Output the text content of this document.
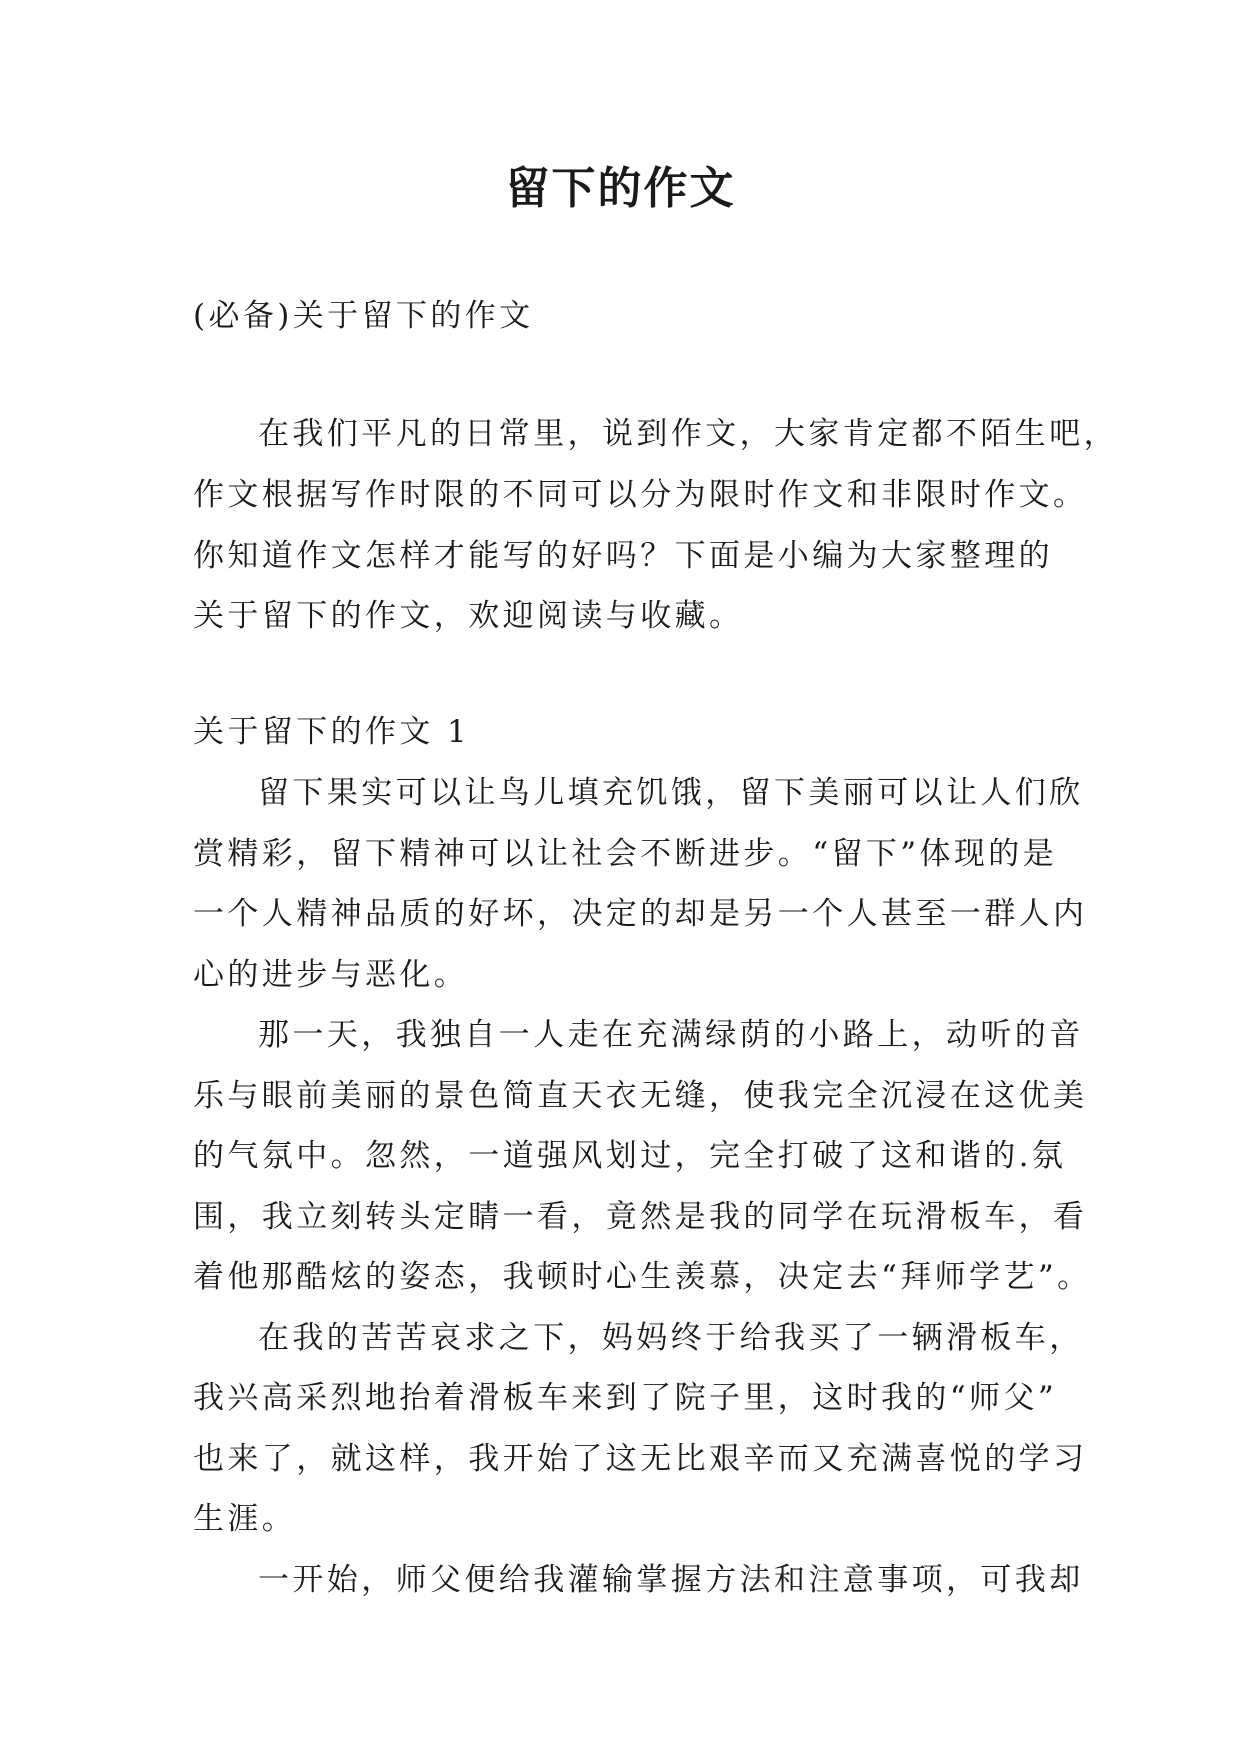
留下的作文

(必备)关于留下的作文

在我们平凡的日常里，说到作文，大家肯定都不陌生吧，

作文根据写作时限的不同可以分为限时作文和非限时作文。

你知道作文怎样才能写的好吗？下面是小编为大家整理的

关于留下的作文，欢迎阅读与收藏。

关于留下的作文 1

留下果实可以让鸟儿填充饥饿，留下美丽可以让人们欣

赏精彩，留下精神可以让社会不断进步。“留下”体现的是

一个人精神品质的好坏，决定的却是另一个人甚至一群人内

心的进步与恶化。

那一天，我独自一人走在充满绿荫的小路上，动听的音

乐与眼前美丽的景色简直天衣无缝，使我完全沉浸在这优美

的气氛中。忽然，一道强风划过，完全打破了这和谐的.氛

围，我立刻转头定睛一看，竟然是我的同学在玩滑板车，看

着他那酷炫的姿态，我顿时心生羡慕，决定去“拜师学艺”。

在我的苦苦哀求之下，妈妈终于给我买了一辆滑板车，

我兴高采烈地抬着滑板车来到了院子里，这时我的“师父”

也来了，就这样，我开始了这无比艰辛而又充满喜悦的学习

生涯。

一开始，师父便给我灌输掌握方法和注意事项，可我却
